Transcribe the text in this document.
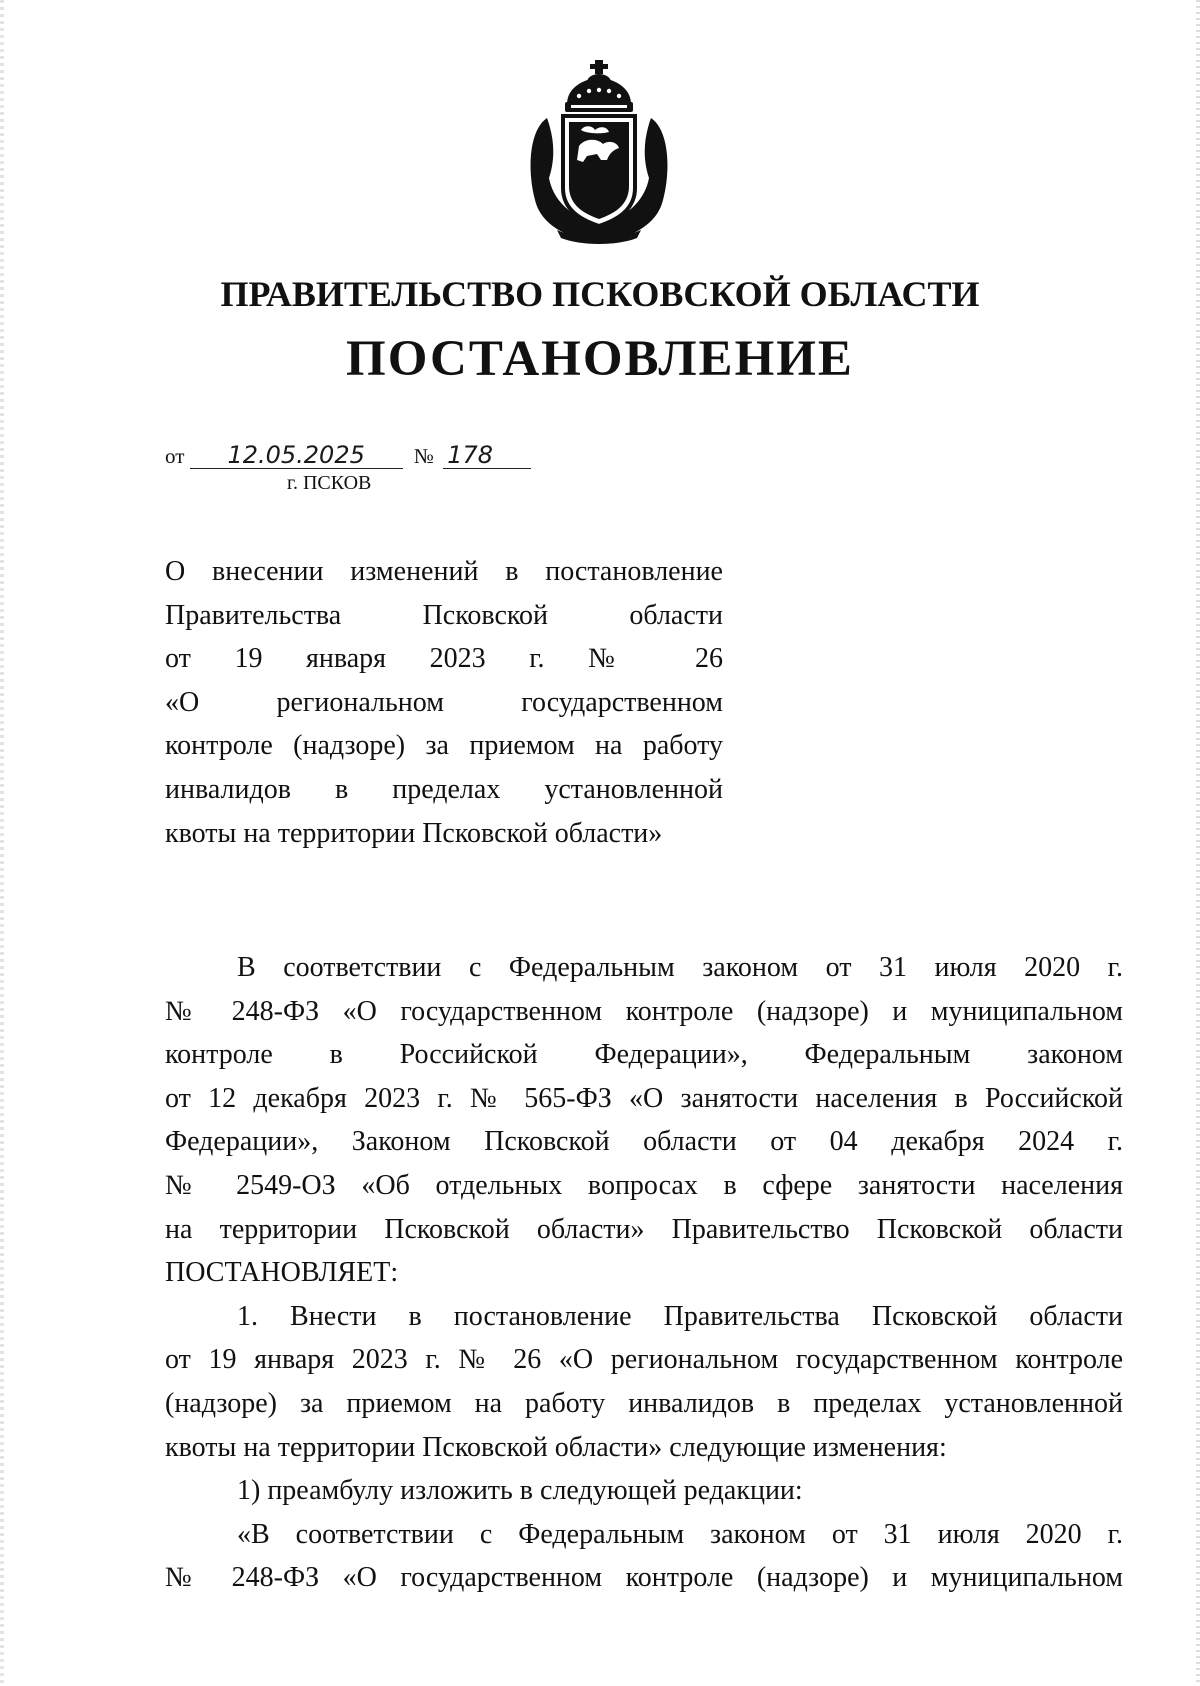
ПРАВИТЕЛЬСТВО ПСКОВСКОЙ ОБЛАСТИ
ПОСТАНОВЛЕНИЕ
от 12.05.2025 № 178
г. ПСКОВ
О внесении изменений в постановление
Правительства Псковской области
от 19 января 2023 г. № 26
«О региональном государственном
контроле (надзоре) за приемом на работу
инвалидов в пределах установленной
квоты на территории Псковской области»
В соответствии с Федеральным законом от 31 июля 2020 г.
№ 248-ФЗ «О государственном контроле (надзоре) и муниципальном
контроле в Российской Федерации», Федеральным законом
от 12 декабря 2023 г. № 565-ФЗ «О занятости населения в Российской
Федерации», Законом Псковской области от 04 декабря 2024 г.
№ 2549-ОЗ «Об отдельных вопросах в сфере занятости населения
на территории Псковской области» Правительство Псковской области
ПОСТАНОВЛЯЕТ:
1. Внести в постановление Правительства Псковской области
от 19 января 2023 г. № 26 «О региональном государственном контроле
(надзоре) за приемом на работу инвалидов в пределах установленной
квоты на территории Псковской области» следующие изменения:
1) преамбулу изложить в следующей редакции:
«В соответствии с Федеральным законом от 31 июля 2020 г.
№ 248-ФЗ «О государственном контроле (надзоре) и муниципальном
